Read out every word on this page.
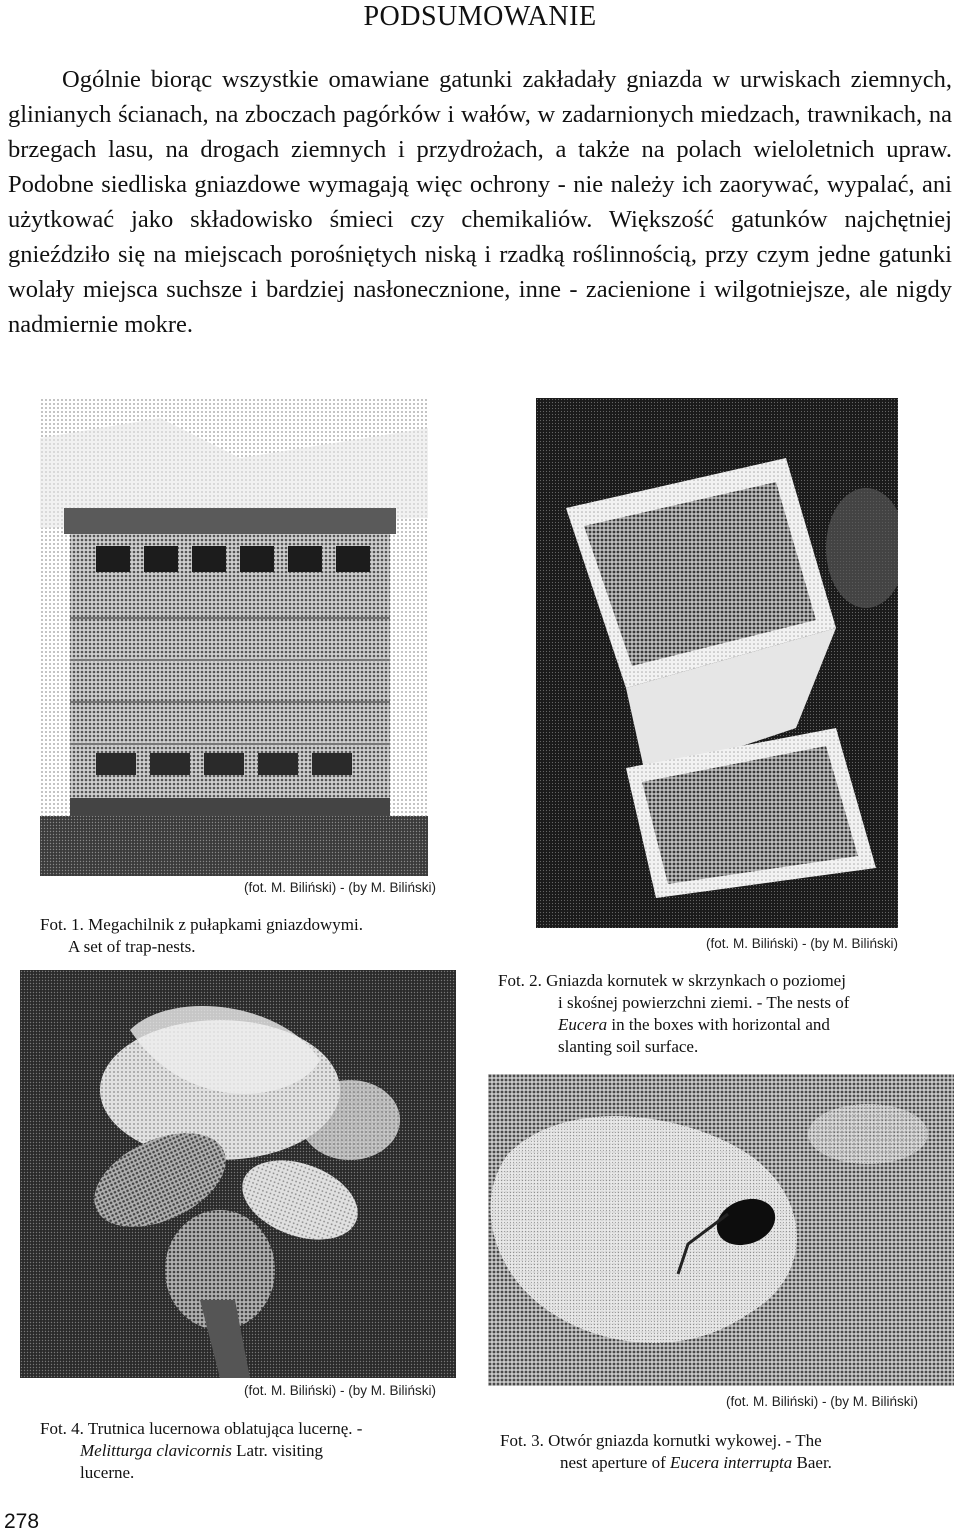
PODSUMOWANIE
Ogólnie biorąc wszystkie omawiane gatunki zakładały gniazda w urwiskach ziemnych, glinianych ścianach, na zboczach pagórków i wałów, w zadarnionych miedzach, trawnikach, na brzegach lasu, na drogach ziemnych i przydrożach, a także na polach wieloletnich upraw. Podobne siedliska gniazdowe wymagają więc ochrony - nie należy ich zaorywać, wypalać, ani użytkować jako składowisko śmieci czy chemikaliów. Większość gatunków najchętniej gnieździło się na miejscach porośniętych niską i rzadką roślinnością, przy czym jedne gatunki wolały miejsca suchsze i bardziej nasłonecznione, inne - zacienione i wilgotniejsze, ale nigdy nadmiernie mokre.
(fot. M. Biliński) - (by M. Biliński)
Fot. 1. Megachilnik z pułapkami gniazdowymi.
A set of trap-nests.	(fot. M. Biliński) - (by M. Biliński)
Fot. 2. Gniazda kornutek w skrzynkach o poziomej
i skośnej powierzchni ziemi. - The nests of
Eucera in the boxes with horizontal and
slanting soil surface.
(fot. M. Biliński) - (by M. Biliński)
Fot. 4. Trutnica lucernowa oblatująca lucernę. -
Melitturga clavicornis Latr. visiting
lucerne.
(fot. M. Biliński) - (by M. Biliński)
Fot. 3. Otwór gniazda kornutki wykowej. - The
nest aperture of Eucera interrupta Baer.
278
